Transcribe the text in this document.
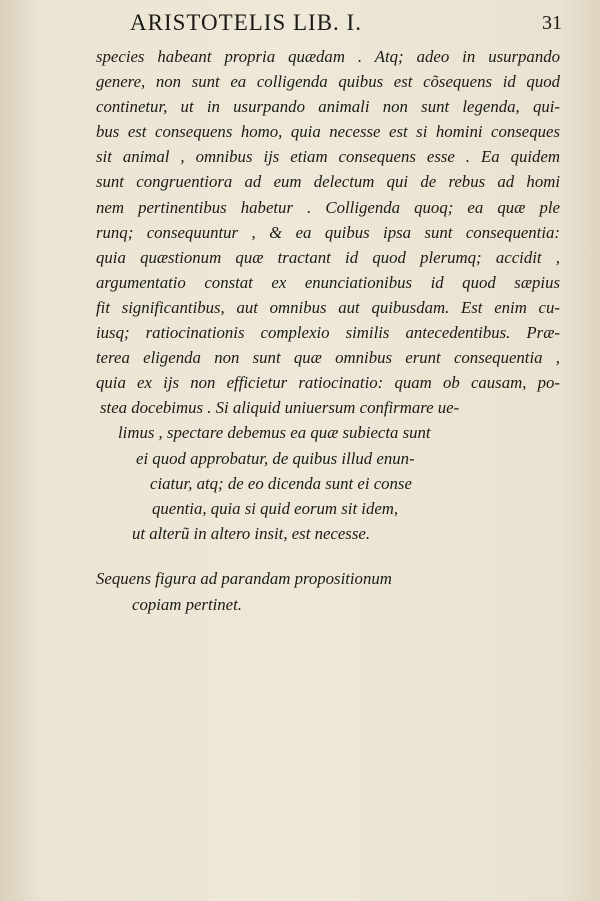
ARISTOTELIS LIB. I.	31
species habeant propria quædam . Atq; adeo in usurpando
genere, non sunt ea colligenda quibus est cõsequens id quod
continetur, ut in usurpando animali non sunt legenda, qui-
bus est consequens homo, quia necesse est si homini conseques
sit animal , omnibus ijs etiam consequens esse . Ea quidem
sunt congruentiora ad eum delectum qui de rebus ad homi
nem pertinentibus habetur . Colligenda quoq; ea quæ ple
runq; consequuntur , & ea quibus ipsa sunt consequentia:
quia quæstionum quæ tractant id quod plerumq; accidit ,
argumentatio constat ex enunciationibus id quod sæpius
fit significantibus, aut omnibus aut quibusdam. Est enim cu-
iusq; ratiocinationis complexio similis antecedentibus. Præ-
terea eligenda non sunt quæ omnibus erunt consequentia ,
quia ex ijs non efficietur ratiocinatio: quam ob causam, po-
stea docebimus . Si aliquid uniuersum confirmare ue-
limus , spectare debemus ea quæ subiecta sunt
ei quod approbatur, de quibus illud enun-
ciatur, atq; de eo dicenda sunt ei conse
quentia, quia si quid eorum sit idem,
ut alterũ in altero insit, est necesse.
Sequens figura ad parandam propositionum
copiam pertinet.
